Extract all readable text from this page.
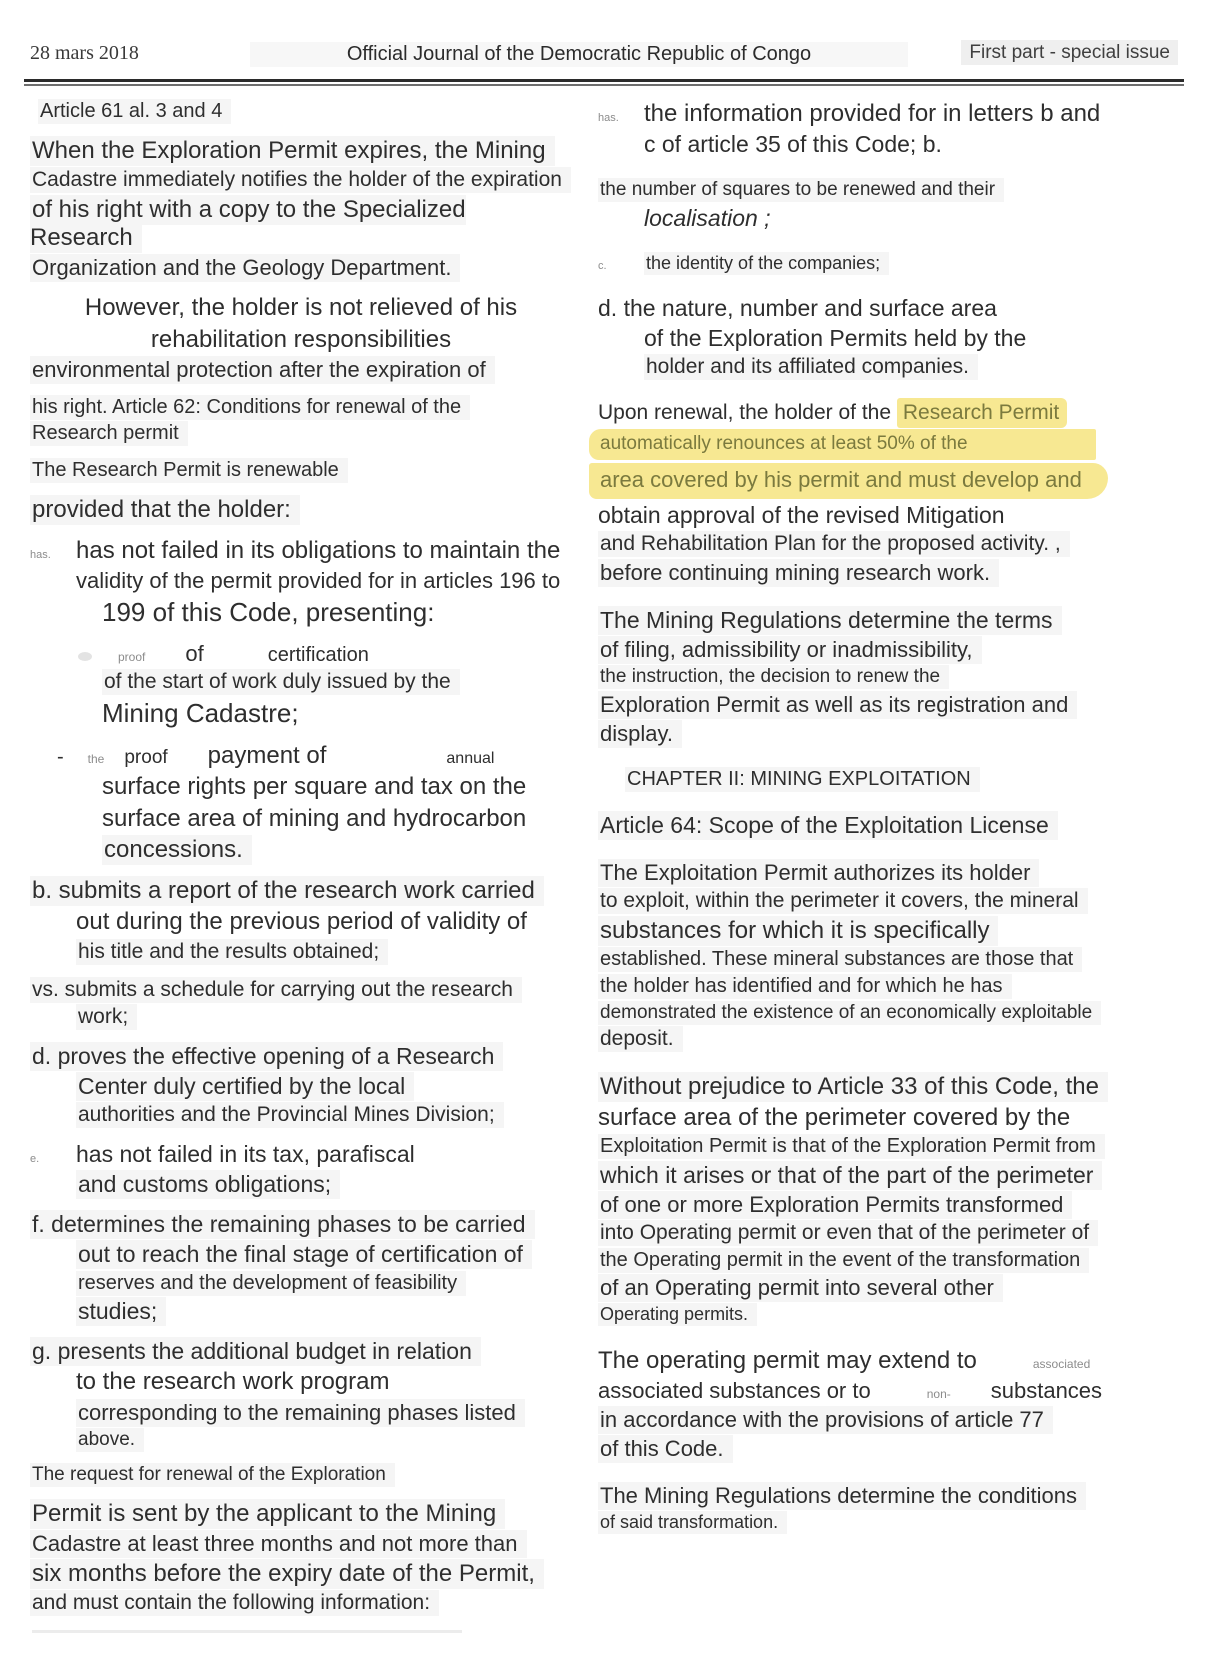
28 mars 2018	Official Journal of the Democratic Republic of Congo	First part - special issue
Article 61 al. 3 and 4
When the Exploration Permit expires, the Mining
Cadastre immediately notifies the holder of the expiration
of his right with a copy to the Specialized Research
Organization and the Geology Department.
However, the holder is not relieved of his
rehabilitation responsibilities
environmental protection after the expiration of
his right. Article 62: Conditions for renewal of the
Research permit
The Research Permit is renewable
provided that the holder:
has. has not failed in its obligations to maintain the
validity of the permit provided for in articles 196 to
199 of this Code, presenting:
proof of	certification
of the start of work duly issued by the
Mining Cadastre;
- the proof payment of	annual
surface rights per square and tax on the
surface area of mining and hydrocarbon
concessions.
b. submits a report of the research work carried
out during the previous period of validity of
his title and the results obtained;
vs. submits a schedule for carrying out the research
work;
d. proves the effective opening of a Research
Center duly certified by the local
authorities and the Provincial Mines Division;
e. has not failed in its tax, parafiscal
and customs obligations;
f. determines the remaining phases to be carried
out to reach the final stage of certification of
reserves and the development of feasibility
studies;
g. presents the additional budget in relation
to the research work program
corresponding to the remaining phases listed
above.
The request for renewal of the Exploration
Permit is sent by the applicant to the Mining
Cadastre at least three months and not more than
six months before the expiry date of the Permit,
and must contain the following information:
has. the information provided for in letters b and
c of article 35 of this Code; b.
the number of squares to be renewed and their
localisation ;
c. the identity of the companies;
d. the nature, number and surface area
of the Exploration Permits held by the
holder and its affiliated companies.
Upon renewal, the holder of the Research Permit
automatically renounces at least 50% of the
area covered by his permit and must develop and
obtain approval of the revised Mitigation
and Rehabilitation Plan for the proposed activity. ,
before continuing mining research work.
The Mining Regulations determine the terms
of filing, admissibility or inadmissibility,
the instruction, the decision to renew the
Exploration Permit as well as its registration and
display.
CHAPTER II: MINING EXPLOITATION
Article 64: Scope of the Exploitation License
The Exploitation Permit authorizes its holder
to exploit, within the perimeter it covers, the mineral
substances for which it is specifically
established. These mineral substances are those that
the holder has identified and for which he has
demonstrated the existence of an economically exploitable
deposit.
Without prejudice to Article 33 of this Code, the
surface area of the perimeter covered by the
Exploitation Permit is that of the Exploration Permit from
which it arises or that of the part of the perimeter
of one or more Exploration Permits transformed
into Operating permit or even that of the perimeter of
the Operating permit in the event of the transformation
of an Operating permit into several other
Operating permits.
The operating permit may extend to	associated
associated substances or to	non- substances
in accordance with the provisions of article 77
of this Code.
The Mining Regulations determine the conditions
of said transformation.
